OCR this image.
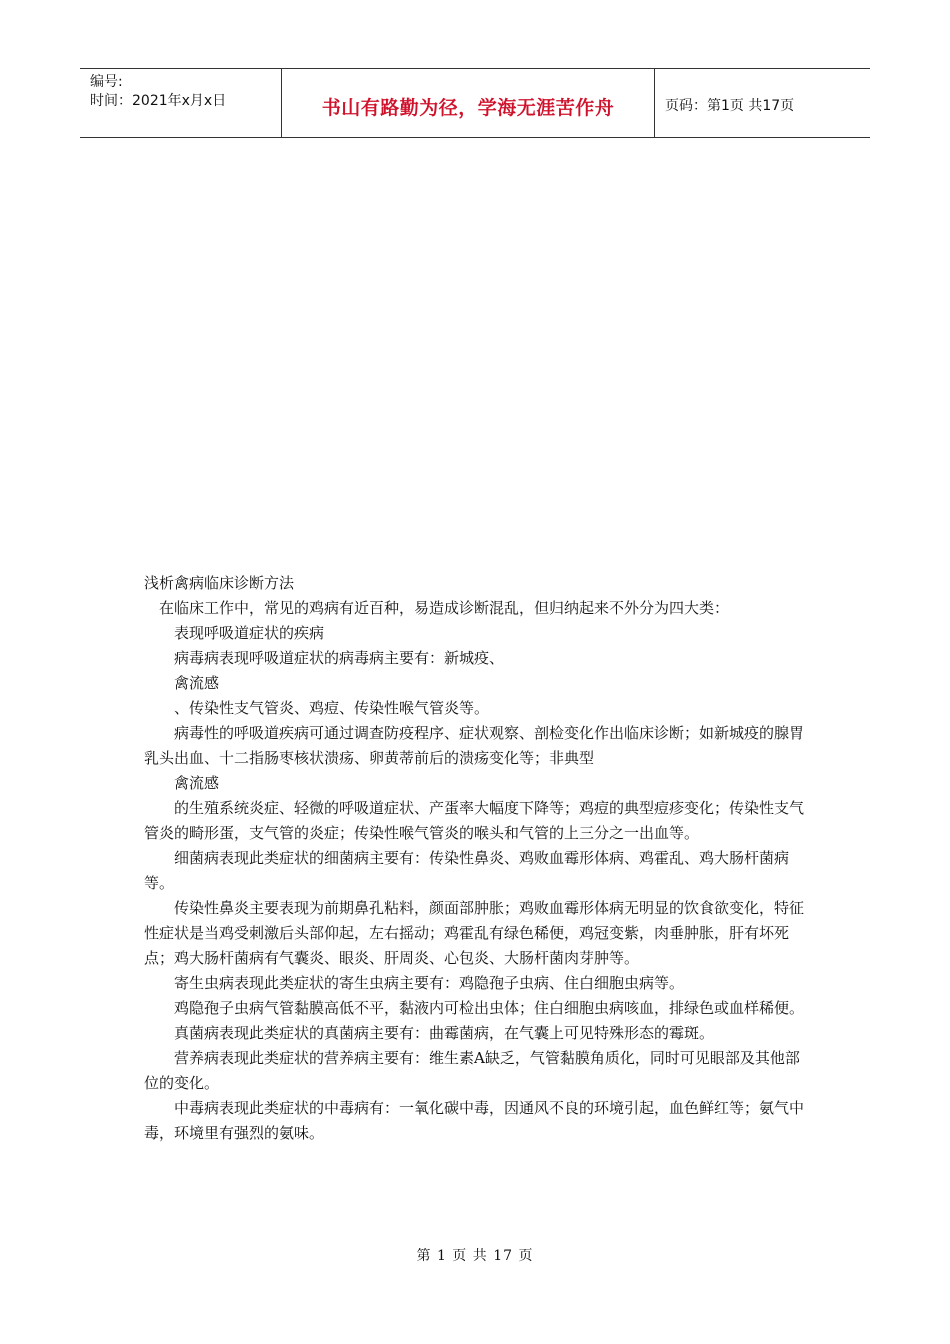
编号:
时间：2021年x月x日	书山有路勤为径，学海无涯苦作舟	页码：第1页 共17页

浅析禽病临床诊断方法

在临床工作中，常见的鸡病有近百种，易造成诊断混乱，但归纳起来不外分为四大类：

表现呼吸道症状的疾病

病毒病表现呼吸道症状的病毒病主要有：新城疫、

禽流感

、传染性支气管炎、鸡痘、传染性喉气管炎等。

病毒性的呼吸道疾病可通过调查防疫程序、症状观察、剖检变化作出临床诊断；如新城疫的腺胃乳头出血、十二指肠枣核状溃疡、卵黄蒂前后的溃疡变化等；非典型

禽流感

的生殖系统炎症、轻微的呼吸道症状、产蛋率大幅度下降等；鸡痘的典型痘疹变化；传染性支气管炎的畸形蛋，支气管的炎症；传染性喉气管炎的喉头和气管的上三分之一出血等。

细菌病表现此类症状的细菌病主要有：传染性鼻炎、鸡败血霉形体病、鸡霍乱、鸡大肠杆菌病等。

传染性鼻炎主要表现为前期鼻孔粘料，颜面部肿胀；鸡败血霉形体病无明显的饮食欲变化，特征性症状是当鸡受刺激后头部仰起，左右摇动；鸡霍乱有绿色稀便，鸡冠变紫，肉垂肿胀，肝有坏死点；鸡大肠杆菌病有气囊炎、眼炎、肝周炎、心包炎、大肠杆菌肉芽肿等。

寄生虫病表现此类症状的寄生虫病主要有：鸡隐孢子虫病、住白细胞虫病等。

鸡隐孢子虫病气管黏膜高低不平，黏液内可检出虫体；住白细胞虫病咳血，排绿色或血样稀便。

真菌病表现此类症状的真菌病主要有：曲霉菌病，在气囊上可见特殊形态的霉斑。

营养病表现此类症状的营养病主要有：维生素A缺乏，气管黏膜角质化，同时可见眼部及其他部位的变化。

中毒病表现此类症状的中毒病有：一氧化碳中毒，因通风不良的环境引起，血色鲜红等；氨气中毒，环境里有强烈的氨味。

第 1 页 共 17 页
